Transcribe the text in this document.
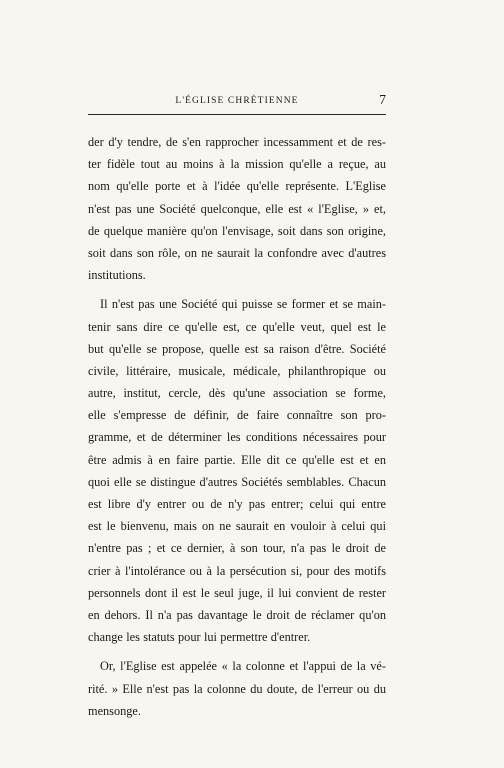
L'ÉGLISE CHRÉTIENNE	7
der d'y tendre, de s'en rapprocher incessamment et de res-
ter fidèle tout au moins à la mission qu'elle a reçue, au
nom qu'elle porte et à l'idée qu'elle représente. L'Eglise
n'est pas une Société quelconque, elle est « l'Eglise, » et,
de quelque manière qu'on l'envisage, soit dans son origine,
soit dans son rôle, on ne saurait la confondre avec d'autres
institutions.
Il n'est pas une Société qui puisse se former et se main-
tenir sans dire ce qu'elle est, ce qu'elle veut, quel est le
but qu'elle se propose, quelle est sa raison d'être. Société
civile, littéraire, musicale, médicale, philanthropique ou
autre, institut, cercle, dès qu'une association se forme,
elle s'empresse de définir, de faire connaître son pro-
gramme, et de déterminer les conditions nécessaires pour
être admis à en faire partie. Elle dit ce qu'elle est et en
quoi elle se distingue d'autres Sociétés semblables. Chacun
est libre d'y entrer ou de n'y pas entrer; celui qui entre
est le bienvenu, mais on ne saurait en vouloir à celui qui
n'entre pas ; et ce dernier, à son tour, n'a pas le droit de
crier à l'intolérance ou à la persécution si, pour des motifs
personnels dont il est le seul juge, il lui convient de rester
en dehors. Il n'a pas davantage le droit de réclamer qu'on
change les statuts pour lui permettre d'entrer.
Or, l'Eglise est appelée « la colonne et l'appui de la vé-
rité. » Elle n'est pas la colonne du doute, de l'erreur ou du
mensonge.
